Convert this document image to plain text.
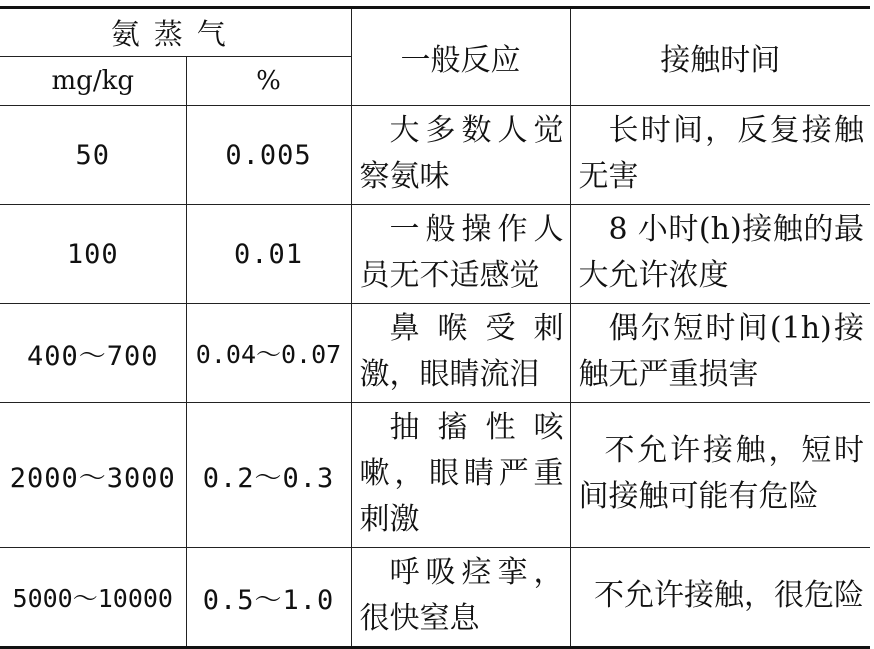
氨蒸气		一般反应	接触时间
mg/kg	%		
50	0.005	大多数人觉察氨味	长时间，反复接触无害
100	0.01	一般操作人员无不适感觉	8 小时(h)接触的最大允许浓度
400～700	0.04～0.07	鼻喉受刺激，眼睛流泪	偶尔短时间(1h)接触无严重损害
2000～3000	0.2～0.3	抽搐性咳嗽，眼睛严重刺激	不允许接触，短时间接触可能有危险
5000～10000	0.5～1.0	呼吸痉挛，很快窒息	不允许接触，很危险
